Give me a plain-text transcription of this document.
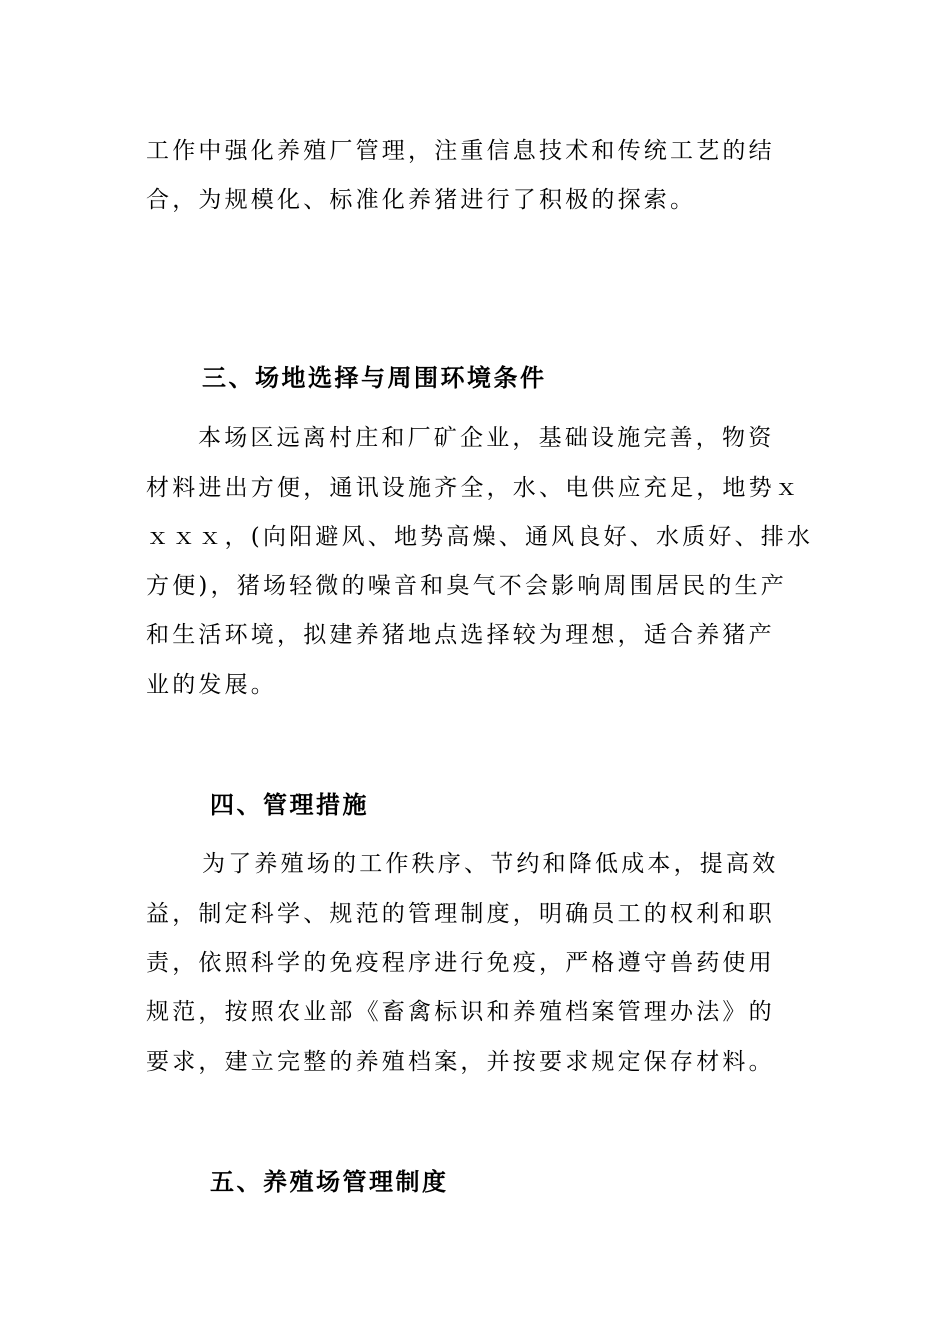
工作中强化养殖厂管理，注重信息技术和传统工艺的结
合，为规模化、标准化养猪进行了积极的探索。
三、场地选择与周围环境条件
本场区远离村庄和厂矿企业，基础设施完善，物资
材料进出方便，通讯设施齐全，水、电供应充足，地势ｘ
ｘｘｘ，(向阳避风、地势高燥、通风良好、水质好、排水
方便)，猪场轻微的噪音和臭气不会影响周围居民的生产
和生活环境，拟建养猪地点选择较为理想，适合养猪产
业的发展。
四、管理措施
为了养殖场的工作秩序、节约和降低成本，提高效
益，制定科学、规范的管理制度，明确员工的权利和职
责，依照科学的免疫程序进行免疫，严格遵守兽药使用
规范，按照农业部《畜禽标识和养殖档案管理办法》的
要求，建立完整的养殖档案，并按要求规定保存材料。
五、养殖场管理制度
